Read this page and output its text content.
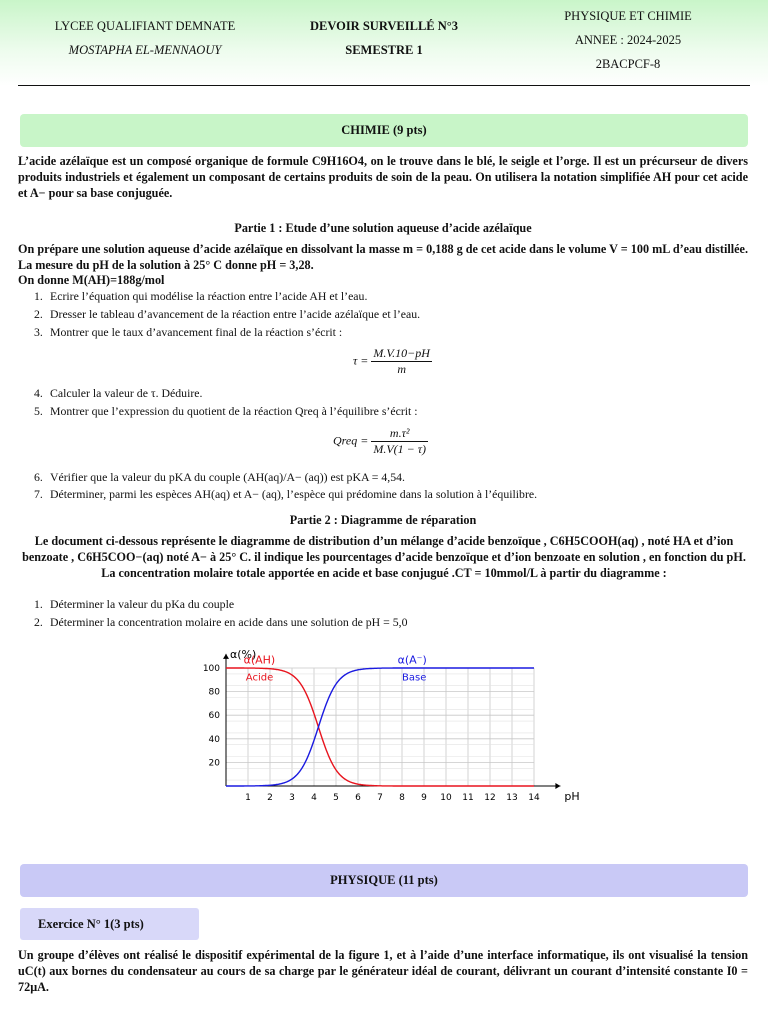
LYCEE QUALIFIANT DEMNATE
MOSTAPHA EL-MENNAOUY
DEVOIR SURVEILLÉ N°3
SEMESTRE 1
PHYSIQUE ET CHIMIE
ANNEE : 2024-2025
2BACPCF-8
CHIMIE (9 pts)
L’acide azélaïque est un composé organique de formule C9H16O4, on le trouve dans le blé, le seigle et l’orge. Il est un précurseur de divers produits industriels et également un composant de certains produits de soin de la peau. On utilisera la notation simplifiée AH pour cet acide et A− pour sa base conjuguée.
Partie 1 : Etude d’une solution aqueuse d’acide azélaïque
On prépare une solution aqueuse d’acide azélaïque en dissolvant la masse m = 0,188 g de cet acide dans le volume V = 100 mL d’eau distillée. La mesure du pH de la solution à 25° C donne pH = 3,28.
On donne M(AH)=188g/mol
1. Ecrire l’équation qui modélise la réaction entre l’acide AH et l’eau.
2. Dresser le tableau d’avancement de la réaction entre l’acide azélaïque et l’eau.
3. Montrer que le taux d’avancement final de la réaction s’écrit :
$\tau = \frac{M.V.10-pH}{m}$
4. Calculer la valeur de τ. Déduire.
5. Montrer que l’expression du quotient de la réaction Qreq à l’équilibre s’écrit :
Qreq = $\frac{\text{m.τ²}}{M.V(1 - \tau)}$
6. Vérifier que la valeur du pKA du couple (AH(aq)/A− (aq)) est pKA = 4,54.
7. Déterminer, parmi les espèces AH(aq) et A− (aq), l’espèce qui prédomine dans la solution à l’équilibre.
Partie 2 : Diagramme de réparation
Le document ci-dessous représente le diagramme de distribution d’un mélange d’acide benzoïque , C6H5COOH(aq) , noté HA et d’ion benzoate , C6H5COO−(aq) noté A− à 25° C. il indique les pourcentages d’acide benzoïque et d’ion benzoate en solution , en fonction du pH. La concentration molaire totale apportée en acide et base conjugué .CT = 10mmol/L à partir du diagramme :
1. Déterminer la valeur du pKa du couple
2. Déterminer la concentration molaire en acide dans une solution de pH = 5,0
1 2 3 4 5 6 7 8 9 10 11 12 13 14
20
40
60
80
100
pH
α(%)
α(AH)
Acide
α(A⁻)
Base
PHYSIQUE (11 pts)
Exercice N° 1(3 pts)
Un groupe d’élèves ont réalisé le dispositif expérimental de la figure 1, et à l’aide d’une interface informatique, ils ont visualisé la tension uC(t) aux bornes du condensateur au cours de sa charge par le générateur idéal de courant, délivrant un courant d’intensité constante I0 = 72μA.
